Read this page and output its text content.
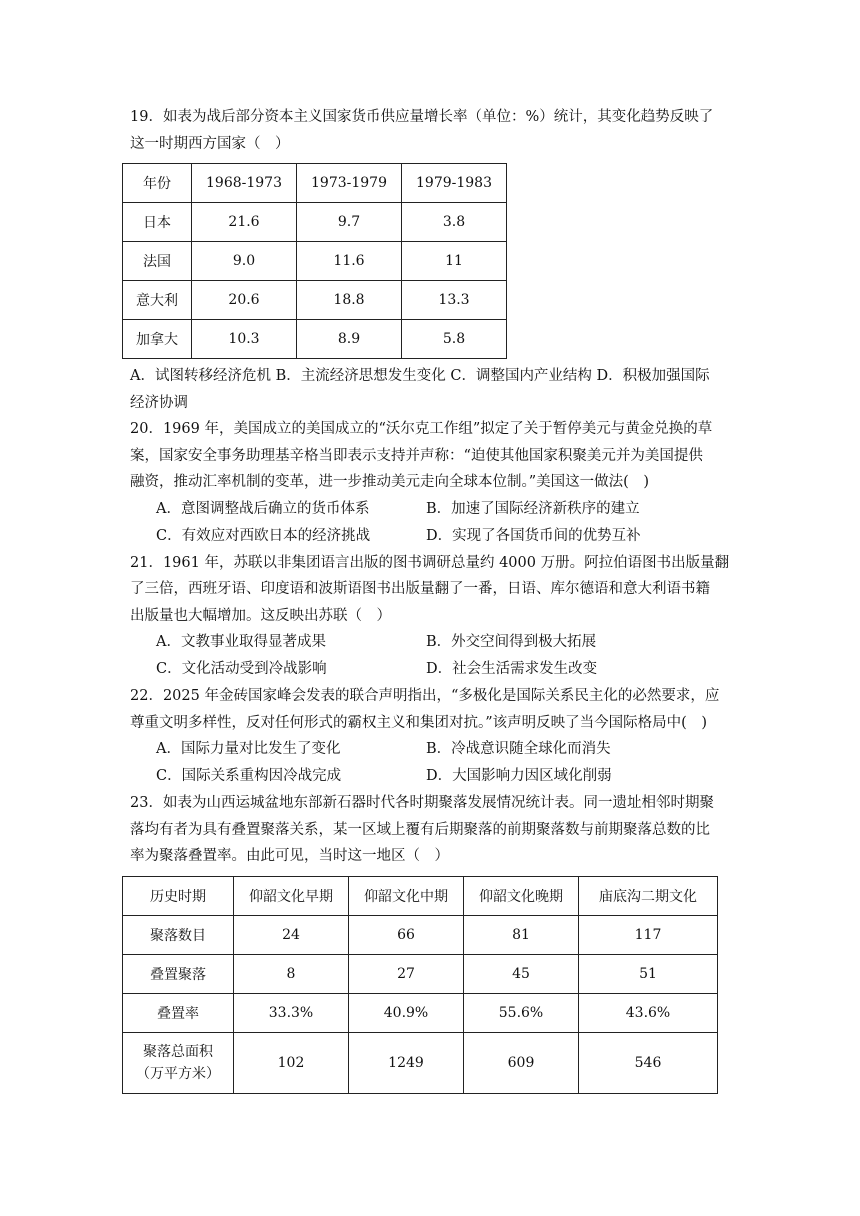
19．如表为战后部分资本主义国家货币供应量增长率（单位：%）统计，其变化趋势反映了
这一时期西方国家（　）
年份	1968-1973	1973-1979	1979-1983
日本	21.6	9.7	3.8
法国	9.0	11.6	11
意大利	20.6	18.8	13.3
加拿大	10.3	8.9	5.8
A．试图转移经济危机 B．主流经济思想发生变化 C．调整国内产业结构 D．积极加强国际
经济协调
20．1969 年，美国成立的美国成立的“沃尔克工作组”拟定了关于暂停美元与黄金兑换的草
案，国家安全事务助理基辛格当即表示支持并声称：“迫使其他国家积聚美元并为美国提供
融资，推动汇率机制的变革，进一步推动美元走向全球本位制。”美国这一做法(　)
A．意图调整战后确立的货币体系	B．加速了国际经济新秩序的建立
C．有效应对西欧日本的经济挑战	D．实现了各国货币间的优势互补
21．1961 年，苏联以非集团语言出版的图书调研总量约 4000 万册。阿拉伯语图书出版量翻
了三倍，西班牙语、印度语和波斯语图书出版量翻了一番，日语、库尔德语和意大利语书籍
出版量也大幅增加。这反映出苏联（　）
A．文教事业取得显著成果	B．外交空间得到极大拓展
C．文化活动受到冷战影响	D．社会生活需求发生改变
22．2025 年金砖国家峰会发表的联合声明指出，“多极化是国际关系民主化的必然要求，应
尊重文明多样性，反对任何形式的霸权主义和集团对抗。”该声明反映了当今国际格局中(　)
A．国际力量对比发生了变化	B．冷战意识随全球化而消失
C．国际关系重构因冷战完成	D．大国影响力因区域化削弱
23．如表为山西运城盆地东部新石器时代各时期聚落发展情况统计表。同一遗址相邻时期聚
落均有者为具有叠置聚落关系，某一区域上覆有后期聚落的前期聚落数与前期聚落总数的比
率为聚落叠置率。由此可见，当时这一地区（　）
历史时期	仰韶文化早期	仰韶文化中期	仰韶文化晚期	庙底沟二期文化
聚落数目	24	66	81	117
叠置聚落	8	27	45	51
叠置率	33.3%	40.9%	55.6%	43.6%

聚落总面积
（万平方米）	102	1249	609	546
